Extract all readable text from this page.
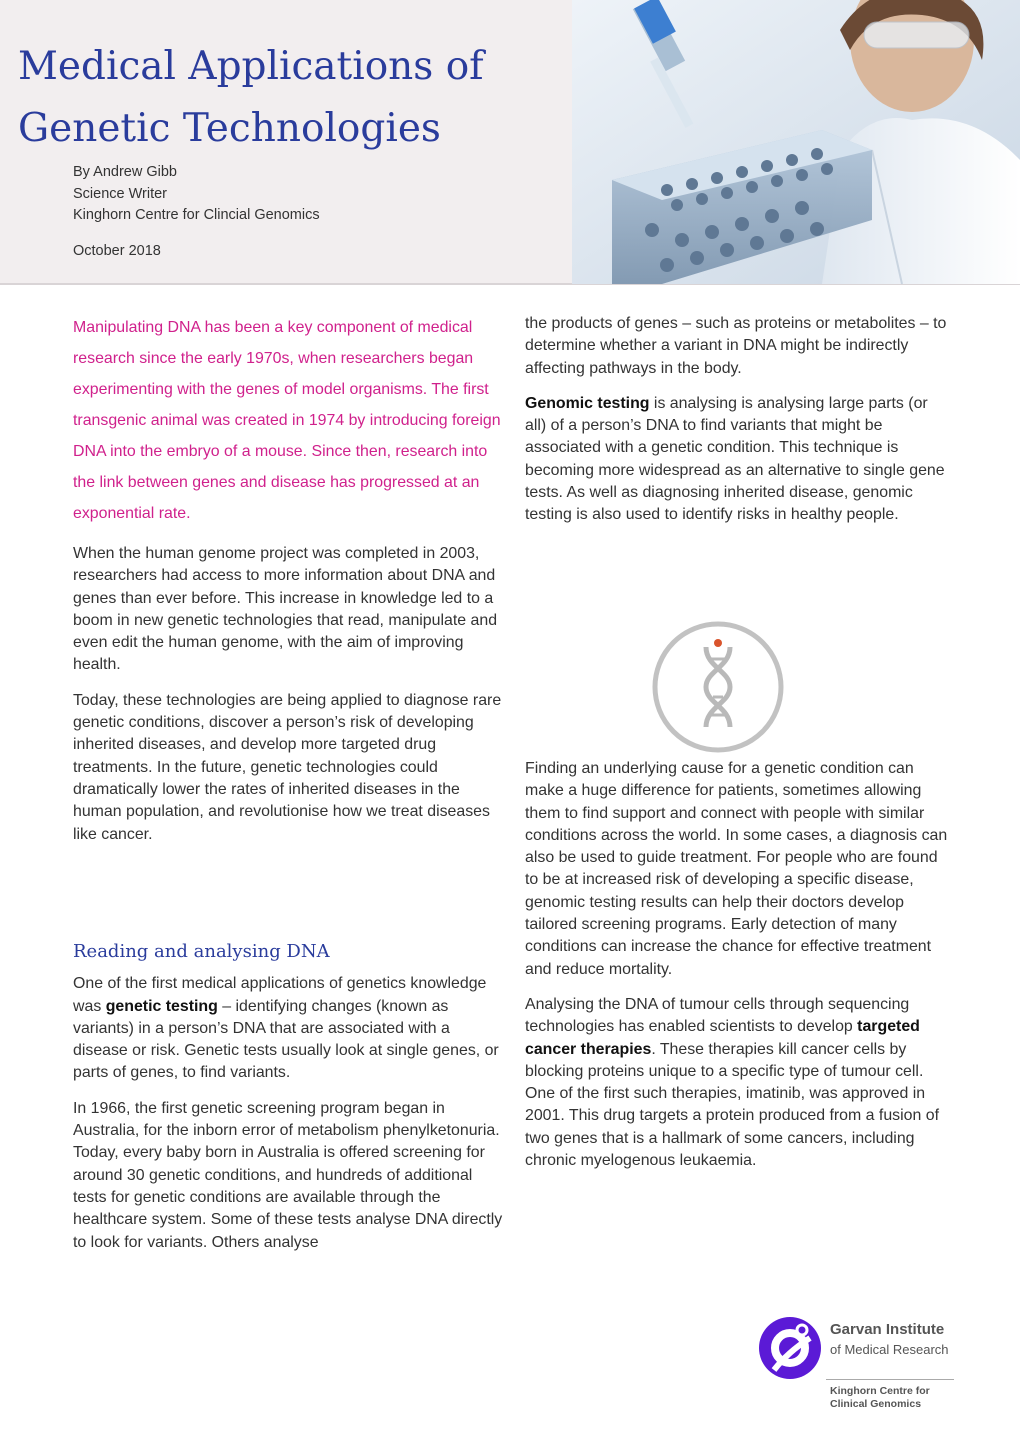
Medical Applications of
Genetic Technologies
By Andrew Gibb
Science Writer
Kinghorn Centre for Clincial Genomics
October 2018

Manipulating DNA has been a key component of medical research since the early 1970s, when researchers began experimenting with the genes of model organisms. The first transgenic animal was created in 1974 by introducing foreign DNA into the embryo of a mouse. Since then, research into the link between genes and disease has progressed at an exponential rate.

When the human genome project was completed in 2003, researchers had access to more information about DNA and genes than ever before. This increase in knowledge led to a boom in new genetic technologies that read, manipulate and even edit the human genome, with the aim of improving health.

Today, these technologies are being applied to diagnose rare genetic conditions, discover a person’s risk of developing inherited diseases, and develop more targeted drug treatments. In the future, genetic technologies could dramatically lower the rates of inherited diseases in the human population, and revolutionise how we treat diseases like cancer.

Reading and analysing DNA

One of the first medical applications of genetics knowledge was genetic testing – identifying changes (known as variants) in a person’s DNA that are associated with a disease or risk. Genetic tests usually look at single genes, or parts of genes, to find variants.

In 1966, the first genetic screening program began in Australia, for the inborn error of metabolism phenylketonuria. Today, every baby born in Australia is offered screening for around 30 genetic conditions, and hundreds of additional tests for genetic conditions are available through the healthcare system. Some of these tests analyse DNA directly to look for variants. Others analyse

the products of genes – such as proteins or metabolites – to determine whether a variant in DNA might be indirectly affecting pathways in the body.

Genomic testing is analysing is analysing large parts (or all) of a person’s DNA to find variants that might be associated with a genetic condition. This technique is becoming more widespread as an alternative to single gene tests. As well as diagnosing inherited disease, genomic testing is also used to identify risks in healthy people.

Finding an underlying cause for a genetic condition can make a huge difference for patients, sometimes allowing them to find support and connect with people with similar conditions across the world. In some cases, a diagnosis can also be used to guide treatment. For people who are found to be at increased risk of developing a specific disease, genomic testing results can help their doctors develop tailored screening programs. Early detection of many conditions can increase the chance for effective treatment and reduce mortality.

Analysing the DNA of tumour cells through sequencing technologies has enabled scientists to develop targeted cancer therapies. These therapies kill cancer cells by blocking proteins unique to a specific type of tumour cell. One of the first such therapies, imatinib, was approved in 2001. This drug targets a protein produced from a fusion of two genes that is a hallmark of some cancers, including chronic myelogenous leukaemia.

Garvan Institute
of Medical Research
Kinghorn Centre for
Clinical Genomics
